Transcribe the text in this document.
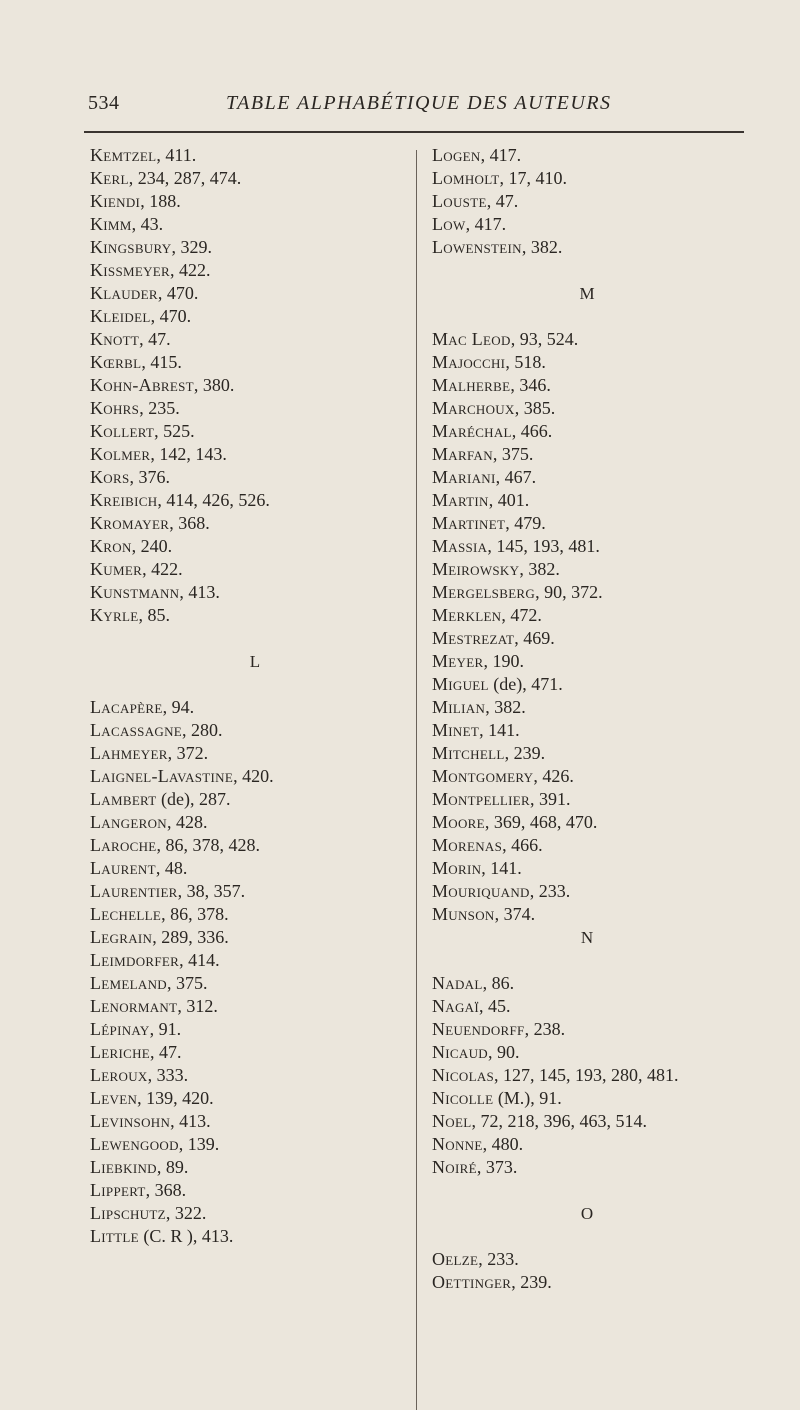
534	TABLE ALPHABÉTIQUE DES AUTEURS
Kemtzel, 411.
Kerl, 234, 287, 474.
Kiendi, 188.
Kimm, 43.
Kingsbury, 329.
Kissmeyer, 422.
Klauder, 470.
Kleidel, 470.
Knott, 47.
Kœrbl, 415.
Kohn-Abrest, 380.
Kohrs, 235.
Kollert, 525.
Kolmer, 142, 143.
Kors, 376.
Kreibich, 414, 426, 526.
Kromayer, 368.
Kron, 240.
Kumer, 422.
Kunstmann, 413.
Kyrle, 85.
L
Lacapère, 94.
Lacassagne, 280.
Lahmeyer, 372.
Laignel-Lavastine, 420.
Lambert (de), 287.
Langeron, 428.
Laroche, 86, 378, 428.
Laurent, 48.
Laurentier, 38, 357.
Lechelle, 86, 378.
Legrain, 289, 336.
Leimdorfer, 414.
Lemeland, 375.
Lenormant, 312.
Lépinay, 91.
Leriche, 47.
Leroux, 333.
Leven, 139, 420.
Levinsohn, 413.
Lewengood, 139.
Liebkind, 89.
Lippert, 368.
Lipschutz, 322.
Little (C. R ), 413.
Logen, 417.
Lomholt, 17, 410.
Louste, 47.
Low, 417.
Lowenstein, 382.
M
Mac Leod, 93, 524.
Majocchi, 518.
Malherbe, 346.
Marchoux, 385.
Maréchal, 466.
Marfan, 375.
Mariani, 467.
Martin, 401.
Martinet, 479.
Massia, 145, 193, 481.
Meirowsky, 382.
Mergelsberg, 90, 372.
Merklen, 472.
Mestrezat, 469.
Meyer, 190.
Miguel (de), 471.
Milian, 382.
Minet, 141.
Mitchell, 239.
Montgomery, 426.
Montpellier, 391.
Moore, 369, 468, 470.
Morenas, 466.
Morin, 141.
Mouriquand, 233.
Munson, 374.
N
Nadal, 86.
Nagaï, 45.
Neuendorff, 238.
Nicaud, 90.
Nicolas, 127, 145, 193, 280, 481.
Nicolle (M.), 91.
Noel, 72, 218, 396, 463, 514.
Nonne, 480.
Noiré, 373.
O
Oelze, 233.
Oettinger, 239.
